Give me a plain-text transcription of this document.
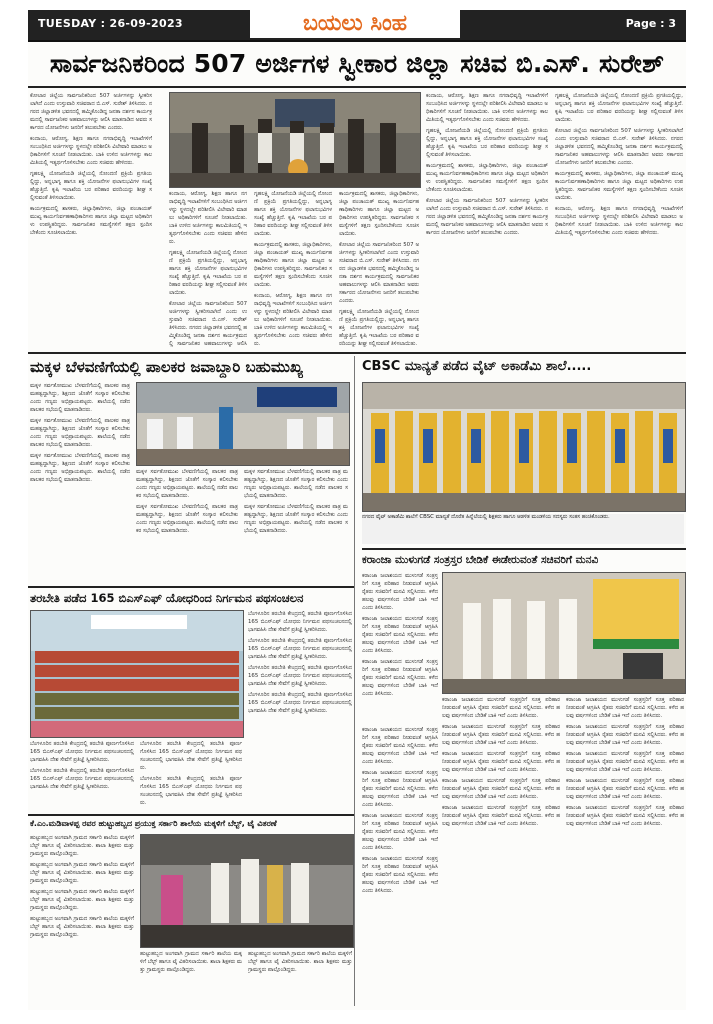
TUESDAY : 26-09-2023	ಬಯಲು ಸಿಂಹ	Page : 3
ಸಾರ್ವಜನಿಕರಿಂದ 507 ಅರ್ಜಿಗಳ ಸ್ವೀಕಾರ ಜಿಲ್ಲಾ ಸಚಿವ ಬಿ.ಎಸ್. ಸುರೇಶ್

ಕೋಲಾರ ಜಿಲ್ಲೆಯ ಸಾರ್ವಜನಿಕರಿಂದ 507 ಅರ್ಜಿಗಳನ್ನು ಸ್ವೀಕರಿಸಲಾಗಿದೆ ಎಂದು ಉಸ್ತುವಾರಿ ಸಚಿವರಾದ ಬಿ.ಎಸ್. ಸುರೇಶ್ ತಿಳಿಸಿದರು. ನಗರದ ಜಿಲ್ಲಾಡಳಿತ ಭವನದಲ್ಲಿ ಹಮ್ಮಿಕೊಂಡಿದ್ದ ಜನತಾ ದರ್ಶನ ಕಾರ್ಯಕ್ರಮದಲ್ಲಿ ಸಾರ್ವಜನಿಕರ ಅಹವಾಲುಗಳನ್ನು ಆಲಿಸಿ ಮಾತನಾಡಿದ ಅವರು ಸರ್ಕಾರದ ಯೋಜನೆಗಳು ಜನರಿಗೆ ತಲುಪಬೇಕು ಎಂದರು.

ಕಂದಾಯ, ಆರೋಗ್ಯ, ಶಿಕ್ಷಣ ಹಾಗೂ ನಗರಾಭಿವೃದ್ಧಿ ಇಲಾಖೆಗಳಿಗೆ ಸಂಬಂಧಿಸಿದ ಅರ್ಜಿಗಳನ್ನು ಸ್ಥಳದಲ್ಲೇ ಪರಿಶೀಲಿಸಿ ವಿಲೇವಾರಿ ಮಾಡಲು ಅಧಿಕಾರಿಗಳಿಗೆ ಸೂಚನೆ ನೀಡಲಾಯಿತು. ಬಾಕಿ ಉಳಿದ ಅರ್ಜಿಗಳನ್ನು ಕಾಲಮಿತಿಯಲ್ಲಿ ಇತ್ಯರ್ಥಗೊಳಿಸಬೇಕು ಎಂದು ಸಚಿವರು ಹೇಳಿದರು.

ಗೃಹಲಕ್ಷ್ಮಿ ಯೋಜನೆಯಡಿ ಜಿಲ್ಲೆಯಲ್ಲಿ ನೋಂದಣಿ ಪ್ರಕ್ರಿಯೆ ಪ್ರಗತಿಯಲ್ಲಿದ್ದು, ಅನ್ನಭಾಗ್ಯ ಹಾಗೂ ಶಕ್ತಿ ಯೋಜನೆಗಳ ಫಲಾನುಭವಿಗಳ ಸಂಖ್ಯೆ ಹೆಚ್ಚುತ್ತಿದೆ. ಕೃಷಿ ಇಲಾಖೆಯ ಬರ ಪರಿಹಾರ ವರದಿಯನ್ನು ಶೀಘ್ರ ಸಲ್ಲಿಸುವಂತೆ ತಿಳಿಸಲಾಯಿತು.

ಕಾರ್ಯಕ್ರಮದಲ್ಲಿ ಶಾಸಕರು, ಜಿಲ್ಲಾಧಿಕಾರಿಗಳು, ಜಿಲ್ಲಾ ಪಂಚಾಯತ್ ಮುಖ್ಯ ಕಾರ್ಯನಿರ್ವಹಣಾಧಿಕಾರಿಗಳು ಹಾಗೂ ಜಿಲ್ಲಾ ಮಟ್ಟದ ಅಧಿಕಾರಿಗಳು ಉಪಸ್ಥಿತರಿದ್ದರು. ಸಾರ್ವಜನಿಕರ ಸಮಸ್ಯೆಗಳಿಗೆ ತಕ್ಷಣ ಸ್ಪಂದಿಸಬೇಕೆಂದು ಸೂಚಿಸಲಾಯಿತು.

ಕಂದಾಯ, ಆರೋಗ್ಯ, ಶಿಕ್ಷಣ ಹಾಗೂ ನಗರಾಭಿವೃದ್ಧಿ ಇಲಾಖೆಗಳಿಗೆ ಸಂಬಂಧಿಸಿದ ಅರ್ಜಿಗಳನ್ನು ಸ್ಥಳದಲ್ಲೇ ಪರಿಶೀಲಿಸಿ ವಿಲೇವಾರಿ ಮಾಡಲು ಅಧಿಕಾರಿಗಳಿಗೆ ಸೂಚನೆ ನೀಡಲಾಯಿತು. ಬಾಕಿ ಉಳಿದ ಅರ್ಜಿಗಳನ್ನು ಕಾಲಮಿತಿಯಲ್ಲಿ ಇತ್ಯರ್ಥಗೊಳಿಸಬೇಕು ಎಂದು ಸಚಿವರು ಹೇಳಿದರು.

ಗೃಹಲಕ್ಷ್ಮಿ ಯೋಜನೆಯಡಿ ಜಿಲ್ಲೆಯಲ್ಲಿ ನೋಂದಣಿ ಪ್ರಕ್ರಿಯೆ ಪ್ರಗತಿಯಲ್ಲಿದ್ದು, ಅನ್ನಭಾಗ್ಯ ಹಾಗೂ ಶಕ್ತಿ ಯೋಜನೆಗಳ ಫಲಾನುಭವಿಗಳ ಸಂಖ್ಯೆ ಹೆಚ್ಚುತ್ತಿದೆ. ಕೃಷಿ ಇಲಾಖೆಯ ಬರ ಪರಿಹಾರ ವರದಿಯನ್ನು ಶೀಘ್ರ ಸಲ್ಲಿಸುವಂತೆ ತಿಳಿಸಲಾಯಿತು.

ಕೋಲಾರ ಜಿಲ್ಲೆಯ ಸಾರ್ವಜನಿಕರಿಂದ 507 ಅರ್ಜಿಗಳನ್ನು ಸ್ವೀಕರಿಸಲಾಗಿದೆ ಎಂದು ಉಸ್ತುವಾರಿ ಸಚಿವರಾದ ಬಿ.ಎಸ್. ಸುರೇಶ್ ತಿಳಿಸಿದರು. ನಗರದ ಜಿಲ್ಲಾಡಳಿತ ಭವನದಲ್ಲಿ ಹಮ್ಮಿಕೊಂಡಿದ್ದ ಜನತಾ ದರ್ಶನ ಕಾರ್ಯಕ್ರಮದಲ್ಲಿ ಸಾರ್ವಜನಿಕರ ಅಹವಾಲುಗಳನ್ನು ಆಲಿಸಿ

ಗೃಹಲಕ್ಷ್ಮಿ ಯೋಜನೆಯಡಿ ಜಿಲ್ಲೆಯಲ್ಲಿ ನೋಂದಣಿ ಪ್ರಕ್ರಿಯೆ ಪ್ರಗತಿಯಲ್ಲಿದ್ದು, ಅನ್ನಭಾಗ್ಯ ಹಾಗೂ ಶಕ್ತಿ ಯೋಜನೆಗಳ ಫಲಾನುಭವಿಗಳ ಸಂಖ್ಯೆ ಹೆಚ್ಚುತ್ತಿದೆ. ಕೃಷಿ ಇಲಾಖೆಯ ಬರ ಪರಿಹಾರ ವರದಿಯನ್ನು ಶೀಘ್ರ ಸಲ್ಲಿಸುವಂತೆ ತಿಳಿಸಲಾಯಿತು.

ಕಾರ್ಯಕ್ರಮದಲ್ಲಿ ಶಾಸಕರು, ಜಿಲ್ಲಾಧಿಕಾರಿಗಳು, ಜಿಲ್ಲಾ ಪಂಚಾಯತ್ ಮುಖ್ಯ ಕಾರ್ಯನಿರ್ವಹಣಾಧಿಕಾರಿಗಳು ಹಾಗೂ ಜಿಲ್ಲಾ ಮಟ್ಟದ ಅಧಿಕಾರಿಗಳು ಉಪಸ್ಥಿತರಿದ್ದರು. ಸಾರ್ವಜನಿಕರ ಸಮಸ್ಯೆಗಳಿಗೆ ತಕ್ಷಣ ಸ್ಪಂದಿಸಬೇಕೆಂದು ಸೂಚಿಸಲಾಯಿತು.

ಕಂದಾಯ, ಆರೋಗ್ಯ, ಶಿಕ್ಷಣ ಹಾಗೂ ನಗರಾಭಿವೃದ್ಧಿ ಇಲಾಖೆಗಳಿಗೆ ಸಂಬಂಧಿಸಿದ ಅರ್ಜಿಗಳನ್ನು ಸ್ಥಳದಲ್ಲೇ ಪರಿಶೀಲಿಸಿ ವಿಲೇವಾರಿ ಮಾಡಲು ಅಧಿಕಾರಿಗಳಿಗೆ ಸೂಚನೆ ನೀಡಲಾಯಿತು. ಬಾಕಿ ಉಳಿದ ಅರ್ಜಿಗಳನ್ನು ಕಾಲಮಿತಿಯಲ್ಲಿ ಇತ್ಯರ್ಥಗೊಳಿಸಬೇಕು ಎಂದು ಸಚಿವರು ಹೇಳಿದರು.

ಕಾರ್ಯಕ್ರಮದಲ್ಲಿ ಶಾಸಕರು, ಜಿಲ್ಲಾಧಿಕಾರಿಗಳು, ಜಿಲ್ಲಾ ಪಂಚಾಯತ್ ಮುಖ್ಯ ಕಾರ್ಯನಿರ್ವಹಣಾಧಿಕಾರಿಗಳು ಹಾಗೂ ಜಿಲ್ಲಾ ಮಟ್ಟದ ಅಧಿಕಾರಿಗಳು ಉಪಸ್ಥಿತರಿದ್ದರು. ಸಾರ್ವಜನಿಕರ ಸಮಸ್ಯೆಗಳಿಗೆ ತಕ್ಷಣ ಸ್ಪಂದಿಸಬೇಕೆಂದು ಸೂಚಿಸಲಾಯಿತು.

ಕೋಲಾರ ಜಿಲ್ಲೆಯ ಸಾರ್ವಜನಿಕರಿಂದ 507 ಅರ್ಜಿಗಳನ್ನು ಸ್ವೀಕರಿಸಲಾಗಿದೆ ಎಂದು ಉಸ್ತುವಾರಿ ಸಚಿವರಾದ ಬಿ.ಎಸ್. ಸುರೇಶ್ ತಿಳಿಸಿದರು. ನಗರದ ಜಿಲ್ಲಾಡಳಿತ ಭವನದಲ್ಲಿ ಹಮ್ಮಿಕೊಂಡಿದ್ದ ಜನತಾ ದರ್ಶನ ಕಾರ್ಯಕ್ರಮದಲ್ಲಿ ಸಾರ್ವಜನಿಕರ ಅಹವಾಲುಗಳನ್ನು ಆಲಿಸಿ ಮಾತನಾಡಿದ ಅವರು ಸರ್ಕಾರದ ಯೋಜನೆಗಳು ಜನರಿಗೆ ತಲುಪಬೇಕು ಎಂದರು.

ಗೃಹಲಕ್ಷ್ಮಿ ಯೋಜನೆಯಡಿ ಜಿಲ್ಲೆಯಲ್ಲಿ ನೋಂದಣಿ ಪ್ರಕ್ರಿಯೆ ಪ್ರಗತಿಯಲ್ಲಿದ್ದು, ಅನ್ನಭಾಗ್ಯ ಹಾಗೂ ಶಕ್ತಿ ಯೋಜನೆಗಳ ಫಲಾನುಭವಿಗಳ ಸಂಖ್ಯೆ ಹೆಚ್ಚುತ್ತಿದೆ. ಕೃಷಿ ಇಲಾಖೆಯ ಬರ ಪರಿಹಾರ ವರದಿಯನ್ನು ಶೀಘ್ರ ಸಲ್ಲಿಸುವಂತೆ ತಿಳಿಸಲಾಯಿತು.

ಕಂದಾಯ, ಆರೋಗ್ಯ, ಶಿಕ್ಷಣ ಹಾಗೂ ನಗರಾಭಿವೃದ್ಧಿ ಇಲಾಖೆಗಳಿಗೆ ಸಂಬಂಧಿಸಿದ ಅರ್ಜಿಗಳನ್ನು ಸ್ಥಳದಲ್ಲೇ ಪರಿಶೀಲಿಸಿ ವಿಲೇವಾರಿ ಮಾಡಲು ಅಧಿಕಾರಿಗಳಿಗೆ ಸೂಚನೆ ನೀಡಲಾಯಿತು. ಬಾಕಿ ಉಳಿದ ಅರ್ಜಿಗಳನ್ನು ಕಾಲಮಿತಿಯಲ್ಲಿ ಇತ್ಯರ್ಥಗೊಳಿಸಬೇಕು ಎಂದು ಸಚಿವರು ಹೇಳಿದರು.

ಗೃಹಲಕ್ಷ್ಮಿ ಯೋಜನೆಯಡಿ ಜಿಲ್ಲೆಯಲ್ಲಿ ನೋಂದಣಿ ಪ್ರಕ್ರಿಯೆ ಪ್ರಗತಿಯಲ್ಲಿದ್ದು, ಅನ್ನಭಾಗ್ಯ ಹಾಗೂ ಶಕ್ತಿ ಯೋಜನೆಗಳ ಫಲಾನುಭವಿಗಳ ಸಂಖ್ಯೆ ಹೆಚ್ಚುತ್ತಿದೆ. ಕೃಷಿ ಇಲಾಖೆಯ ಬರ ಪರಿಹಾರ ವರದಿಯನ್ನು ಶೀಘ್ರ ಸಲ್ಲಿಸುವಂತೆ ತಿಳಿಸಲಾಯಿತು.

ಕಾರ್ಯಕ್ರಮದಲ್ಲಿ ಶಾಸಕರು, ಜಿಲ್ಲಾಧಿಕಾರಿಗಳು, ಜಿಲ್ಲಾ ಪಂಚಾಯತ್ ಮುಖ್ಯ ಕಾರ್ಯನಿರ್ವಹಣಾಧಿಕಾರಿಗಳು ಹಾಗೂ ಜಿಲ್ಲಾ ಮಟ್ಟದ ಅಧಿಕಾರಿಗಳು ಉಪಸ್ಥಿತರಿದ್ದರು. ಸಾರ್ವಜನಿಕರ ಸಮಸ್ಯೆಗಳಿಗೆ ತಕ್ಷಣ ಸ್ಪಂದಿಸಬೇಕೆಂದು ಸೂಚಿಸಲಾಯಿತು.

ಕೋಲಾರ ಜಿಲ್ಲೆಯ ಸಾರ್ವಜನಿಕರಿಂದ 507 ಅರ್ಜಿಗಳನ್ನು ಸ್ವೀಕರಿಸಲಾಗಿದೆ ಎಂದು ಉಸ್ತುವಾರಿ ಸಚಿವರಾದ ಬಿ.ಎಸ್. ಸುರೇಶ್ ತಿಳಿಸಿದರು. ನಗರದ ಜಿಲ್ಲಾಡಳಿತ ಭವನದಲ್ಲಿ ಹಮ್ಮಿಕೊಂಡಿದ್ದ ಜನತಾ ದರ್ಶನ ಕಾರ್ಯಕ್ರಮದಲ್ಲಿ ಸಾರ್ವಜನಿಕರ ಅಹವಾಲುಗಳನ್ನು ಆಲಿಸಿ ಮಾತನಾಡಿದ ಅವರು ಸರ್ಕಾರದ ಯೋಜನೆಗಳು ಜನರಿಗೆ ತಲುಪಬೇಕು ಎಂದರು.

ಗೃಹಲಕ್ಷ್ಮಿ ಯೋಜನೆಯಡಿ ಜಿಲ್ಲೆಯಲ್ಲಿ ನೋಂದಣಿ ಪ್ರಕ್ರಿಯೆ ಪ್ರಗತಿಯಲ್ಲಿದ್ದು, ಅನ್ನಭಾಗ್ಯ ಹಾಗೂ ಶಕ್ತಿ ಯೋಜನೆಗಳ ಫಲಾನುಭವಿಗಳ ಸಂಖ್ಯೆ ಹೆಚ್ಚುತ್ತಿದೆ. ಕೃಷಿ ಇಲಾಖೆಯ ಬರ ಪರಿಹಾರ ವರದಿಯನ್ನು ಶೀಘ್ರ ಸಲ್ಲಿಸುವಂತೆ ತಿಳಿಸಲಾಯಿತು.

ಕೋಲಾರ ಜಿಲ್ಲೆಯ ಸಾರ್ವಜನಿಕರಿಂದ 507 ಅರ್ಜಿಗಳನ್ನು ಸ್ವೀಕರಿಸಲಾಗಿದೆ ಎಂದು ಉಸ್ತುವಾರಿ ಸಚಿವರಾದ ಬಿ.ಎಸ್. ಸುರೇಶ್ ತಿಳಿಸಿದರು. ನಗರದ ಜಿಲ್ಲಾಡಳಿತ ಭವನದಲ್ಲಿ ಹಮ್ಮಿಕೊಂಡಿದ್ದ ಜನತಾ ದರ್ಶನ ಕಾರ್ಯಕ್ರಮದಲ್ಲಿ ಸಾರ್ವಜನಿಕರ ಅಹವಾಲುಗಳನ್ನು ಆಲಿಸಿ ಮಾತನಾಡಿದ ಅವರು ಸರ್ಕಾರದ ಯೋಜನೆಗಳು ಜನರಿಗೆ ತಲುಪಬೇಕು ಎಂದರು.

ಕಾರ್ಯಕ್ರಮದಲ್ಲಿ ಶಾಸಕರು, ಜಿಲ್ಲಾಧಿಕಾರಿಗಳು, ಜಿಲ್ಲಾ ಪಂಚಾಯತ್ ಮುಖ್ಯ ಕಾರ್ಯನಿರ್ವಹಣಾಧಿಕಾರಿಗಳು ಹಾಗೂ ಜಿಲ್ಲಾ ಮಟ್ಟದ ಅಧಿಕಾರಿಗಳು ಉಪಸ್ಥಿತರಿದ್ದರು. ಸಾರ್ವಜನಿಕರ ಸಮಸ್ಯೆಗಳಿಗೆ ತಕ್ಷಣ ಸ್ಪಂದಿಸಬೇಕೆಂದು ಸೂಚಿಸಲಾಯಿತು.

ಕಂದಾಯ, ಆರೋಗ್ಯ, ಶಿಕ್ಷಣ ಹಾಗೂ ನಗರಾಭಿವೃದ್ಧಿ ಇಲಾಖೆಗಳಿಗೆ ಸಂಬಂಧಿಸಿದ ಅರ್ಜಿಗಳನ್ನು ಸ್ಥಳದಲ್ಲೇ ಪರಿಶೀಲಿಸಿ ವಿಲೇವಾರಿ ಮಾಡಲು ಅಧಿಕಾರಿಗಳಿಗೆ ಸೂಚನೆ ನೀಡಲಾಯಿತು. ಬಾಕಿ ಉಳಿದ ಅರ್ಜಿಗಳನ್ನು ಕಾಲಮಿತಿಯಲ್ಲಿ ಇತ್ಯರ್ಥಗೊಳಿಸಬೇಕು ಎಂದು ಸಚಿವರು ಹೇಳಿದರು.

ಮಕ್ಕಳ ಬೆಳವಣಿಗೆಯಲ್ಲಿ ಪಾಲಕರ ಜವಾಬ್ದಾರಿ ಬಹುಮುಖ್ಯ

ಮಕ್ಕಳ ಸರ್ವತೋಮುಖ ಬೆಳವಣಿಗೆಯಲ್ಲಿ ಪಾಲಕರ ಪಾತ್ರ ಮಹತ್ವದ್ದಾಗಿದ್ದು, ಶಿಕ್ಷಣದ ಜೊತೆಗೆ ಸಂಸ್ಕಾರ ಕಲಿಸಬೇಕು ಎಂದು ಗಣ್ಯರು ಅಭಿಪ್ರಾಯಪಟ್ಟರು. ಶಾಲೆಯಲ್ಲಿ ನಡೆದ ಪಾಲಕರ ಸಭೆಯಲ್ಲಿ ಮಾತನಾಡಿದರು.

ಮಕ್ಕಳ ಸರ್ವತೋಮುಖ ಬೆಳವಣಿಗೆಯಲ್ಲಿ ಪಾಲಕರ ಪಾತ್ರ ಮಹತ್ವದ್ದಾಗಿದ್ದು, ಶಿಕ್ಷಣದ ಜೊತೆಗೆ ಸಂಸ್ಕಾರ ಕಲಿಸಬೇಕು ಎಂದು ಗಣ್ಯರು ಅಭಿಪ್ರಾಯಪಟ್ಟರು. ಶಾಲೆಯಲ್ಲಿ ನಡೆದ ಪಾಲಕರ ಸಭೆಯಲ್ಲಿ ಮಾತನಾಡಿದರು.

ಮಕ್ಕಳ ಸರ್ವತೋಮುಖ ಬೆಳವಣಿಗೆಯಲ್ಲಿ ಪಾಲಕರ ಪಾತ್ರ ಮಹತ್ವದ್ದಾಗಿದ್ದು, ಶಿಕ್ಷಣದ ಜೊತೆಗೆ ಸಂಸ್ಕಾರ ಕಲಿಸಬೇಕು ಎಂದು ಗಣ್ಯರು ಅಭಿಪ್ರಾಯಪಟ್ಟರು. ಶಾಲೆಯಲ್ಲಿ ನಡೆದ ಪಾಲಕರ ಸಭೆಯಲ್ಲಿ ಮಾತನಾಡಿದರು.

ಮಕ್ಕಳ ಸರ್ವತೋಮುಖ ಬೆಳವಣಿಗೆಯಲ್ಲಿ ಪಾಲಕರ ಪಾತ್ರ ಮಹತ್ವದ್ದಾಗಿದ್ದು, ಶಿಕ್ಷಣದ ಜೊತೆಗೆ ಸಂಸ್ಕಾರ ಕಲಿಸಬೇಕು ಎಂದು ಗಣ್ಯರು ಅಭಿಪ್ರಾಯಪಟ್ಟರು. ಶಾಲೆಯಲ್ಲಿ ನಡೆದ ಪಾಲಕರ ಸಭೆಯಲ್ಲಿ ಮಾತನಾಡಿದರು.

ಮಕ್ಕಳ ಸರ್ವತೋಮುಖ ಬೆಳವಣಿಗೆಯಲ್ಲಿ ಪಾಲಕರ ಪಾತ್ರ ಮಹತ್ವದ್ದಾಗಿದ್ದು, ಶಿಕ್ಷಣದ ಜೊತೆಗೆ ಸಂಸ್ಕಾರ ಕಲಿಸಬೇಕು ಎಂದು ಗಣ್ಯರು ಅಭಿಪ್ರಾಯಪಟ್ಟರು. ಶಾಲೆಯಲ್ಲಿ ನಡೆದ ಪಾಲಕರ ಸಭೆಯಲ್ಲಿ ಮಾತನಾಡಿದರು.

ಮಕ್ಕಳ ಸರ್ವತೋಮುಖ ಬೆಳವಣಿಗೆಯಲ್ಲಿ ಪಾಲಕರ ಪಾತ್ರ ಮಹತ್ವದ್ದಾಗಿದ್ದು, ಶಿಕ್ಷಣದ ಜೊತೆಗೆ ಸಂಸ್ಕಾರ ಕಲಿಸಬೇಕು ಎಂದು ಗಣ್ಯರು ಅಭಿಪ್ರಾಯಪಟ್ಟರು. ಶಾಲೆಯಲ್ಲಿ ನಡೆದ ಪಾಲಕರ ಸಭೆಯಲ್ಲಿ ಮಾತನಾಡಿದರು.

ಮಕ್ಕಳ ಸರ್ವತೋಮುಖ ಬೆಳವಣಿಗೆಯಲ್ಲಿ ಪಾಲಕರ ಪಾತ್ರ ಮಹತ್ವದ್ದಾಗಿದ್ದು, ಶಿಕ್ಷಣದ ಜೊತೆಗೆ ಸಂಸ್ಕಾರ ಕಲಿಸಬೇಕು ಎಂದು ಗಣ್ಯರು ಅಭಿಪ್ರಾಯಪಟ್ಟರು. ಶಾಲೆಯಲ್ಲಿ ನಡೆದ ಪಾಲಕರ ಸಭೆಯಲ್ಲಿ ಮಾತನಾಡಿದರು.

CBSC ಮಾನ್ಯತೆ ಪಡೆದ ವೈಟ್ ಅಕಾಡೆಮಿ ಶಾಲೆ.....
ನಗರದ ವೈಟ್ ಅಕಾಡೆಮಿ ಶಾಲೆಗೆ CBSC ಮಾನ್ಯತೆ ದೊರೆತ ಹಿನ್ನೆಲೆಯಲ್ಲಿ ಶಿಕ್ಷಕರು ಹಾಗೂ ಆಡಳಿತ ಮಂಡಳಿಯ ಸದಸ್ಯರು ಸಂತಸ ಹಂಚಿಕೊಂಡರು.
ಕರಾಂಜಾ ಮುಳುಗಡೆ ಸಂತ್ರಸ್ತರ ಬೇಡಿಕೆ ಈಡೇರುವಂತೆ ಸಚಿವರಿಗೆ ಮನವಿ

ಕರಾಂಜಾ ಜಲಾಶಯದ ಮುಳುಗಡೆ ಸಂತ್ರಸ್ತರಿಗೆ ಸೂಕ್ತ ಪರಿಹಾರ ನೀಡುವಂತೆ ಆಗ್ರಹಿಸಿ ರೈತರು ಸಚಿವರಿಗೆ ಮನವಿ ಸಲ್ಲಿಸಿದರು. ಕಳೆದ ಹಲವು ವರ್ಷಗಳಿಂದ ಬೇಡಿಕೆ ಬಾಕಿ ಇದೆ ಎಂದು ತಿಳಿಸಿದರು.

ಕರಾಂಜಾ ಜಲಾಶಯದ ಮುಳುಗಡೆ ಸಂತ್ರಸ್ತರಿಗೆ ಸೂಕ್ತ ಪರಿಹಾರ ನೀಡುವಂತೆ ಆಗ್ರಹಿಸಿ ರೈತರು ಸಚಿವರಿಗೆ ಮನವಿ ಸಲ್ಲಿಸಿದರು. ಕಳೆದ ಹಲವು ವರ್ಷಗಳಿಂದ ಬೇಡಿಕೆ ಬಾಕಿ ಇದೆ ಎಂದು ತಿಳಿಸಿದರು.

ಕರಾಂಜಾ ಜಲಾಶಯದ ಮುಳುಗಡೆ ಸಂತ್ರಸ್ತರಿಗೆ ಸೂಕ್ತ ಪರಿಹಾರ ನೀಡುವಂತೆ ಆಗ್ರಹಿಸಿ ರೈತರು ಸಚಿವರಿಗೆ ಮನವಿ ಸಲ್ಲಿಸಿದರು. ಕಳೆದ ಹಲವು ವರ್ಷಗಳಿಂದ ಬೇಡಿಕೆ ಬಾಕಿ ಇದೆ ಎಂದು ತಿಳಿಸಿದರು.

ಕರಾಂಜಾ ಜಲಾಶಯದ ಮುಳುಗಡೆ ಸಂತ್ರಸ್ತರಿಗೆ ಸೂಕ್ತ ಪರಿಹಾರ ನೀಡುವಂತೆ ಆಗ್ರಹಿಸಿ ರೈತರು ಸಚಿವರಿಗೆ ಮನವಿ ಸಲ್ಲಿಸಿದರು. ಕಳೆದ ಹಲವು ವರ್ಷಗಳಿಂದ ಬೇಡಿಕೆ ಬಾಕಿ ಇದೆ ಎಂದು ತಿಳಿಸಿದರು.

ಕರಾಂಜಾ ಜಲಾಶಯದ ಮುಳುಗಡೆ ಸಂತ್ರಸ್ತರಿಗೆ ಸೂಕ್ತ ಪರಿಹಾರ ನೀಡುವಂತೆ ಆಗ್ರಹಿಸಿ ರೈತರು ಸಚಿವರಿಗೆ ಮನವಿ ಸಲ್ಲಿಸಿದರು. ಕಳೆದ ಹಲವು ವರ್ಷಗಳಿಂದ ಬೇಡಿಕೆ ಬಾಕಿ ಇದೆ ಎಂದು ತಿಳಿಸಿದರು.

ಕರಾಂಜಾ ಜಲಾಶಯದ ಮುಳುಗಡೆ ಸಂತ್ರಸ್ತರಿಗೆ ಸೂಕ್ತ ಪರಿಹಾರ ನೀಡುವಂತೆ ಆಗ್ರಹಿಸಿ ರೈತರು ಸಚಿವರಿಗೆ ಮನವಿ ಸಲ್ಲಿಸಿದರು. ಕಳೆದ ಹಲವು ವರ್ಷಗಳಿಂದ ಬೇಡಿಕೆ ಬಾಕಿ ಇದೆ ಎಂದು ತಿಳಿಸಿದರು.

ಕರಾಂಜಾ ಜಲಾಶಯದ ಮುಳುಗಡೆ ಸಂತ್ರಸ್ತರಿಗೆ ಸೂಕ್ತ ಪರಿಹಾರ ನೀಡುವಂತೆ ಆಗ್ರಹಿಸಿ ರೈತರು ಸಚಿವರಿಗೆ ಮನವಿ ಸಲ್ಲಿಸಿದರು. ಕಳೆದ ಹಲವು ವರ್ಷಗಳಿಂದ ಬೇಡಿಕೆ ಬಾಕಿ ಇದೆ ಎಂದು ತಿಳಿಸಿದರು.

ಕರಾಂಜಾ ಜಲಾಶಯದ ಮುಳುಗಡೆ ಸಂತ್ರಸ್ತರಿಗೆ ಸೂಕ್ತ ಪರಿಹಾರ ನೀಡುವಂತೆ ಆಗ್ರಹಿಸಿ ರೈತರು ಸಚಿವರಿಗೆ ಮನವಿ ಸಲ್ಲಿಸಿದರು. ಕಳೆದ ಹಲವು ವರ್ಷಗಳಿಂದ ಬೇಡಿಕೆ ಬಾಕಿ ಇದೆ ಎಂದು ತಿಳಿಸಿದರು.

ಕರಾಂಜಾ ಜಲಾಶಯದ ಮುಳುಗಡೆ ಸಂತ್ರಸ್ತರಿಗೆ ಸೂಕ್ತ ಪರಿಹಾರ ನೀಡುವಂತೆ ಆಗ್ರಹಿಸಿ ರೈತರು ಸಚಿವರಿಗೆ ಮನವಿ ಸಲ್ಲಿಸಿದರು. ಕಳೆದ ಹಲವು ವರ್ಷಗಳಿಂದ ಬೇಡಿಕೆ ಬಾಕಿ ಇದೆ ಎಂದು ತಿಳಿಸಿದರು.

ಕರಾಂಜಾ ಜಲಾಶಯದ ಮುಳುಗಡೆ ಸಂತ್ರಸ್ತರಿಗೆ ಸೂಕ್ತ ಪರಿಹಾರ ನೀಡುವಂತೆ ಆಗ್ರಹಿಸಿ ರೈತರು ಸಚಿವರಿಗೆ ಮನವಿ ಸಲ್ಲಿಸಿದರು. ಕಳೆದ ಹಲವು ವರ್ಷಗಳಿಂದ ಬೇಡಿಕೆ ಬಾಕಿ ಇದೆ ಎಂದು ತಿಳಿಸಿದರು.

ಕರಾಂಜಾ ಜಲಾಶಯದ ಮುಳುಗಡೆ ಸಂತ್ರಸ್ತರಿಗೆ ಸೂಕ್ತ ಪರಿಹಾರ ನೀಡುವಂತೆ ಆಗ್ರಹಿಸಿ ರೈತರು ಸಚಿವರಿಗೆ ಮನವಿ ಸಲ್ಲಿಸಿದರು. ಕಳೆದ ಹಲವು ವರ್ಷಗಳಿಂದ ಬೇಡಿಕೆ ಬಾಕಿ ಇದೆ ಎಂದು ತಿಳಿಸಿದರು.

ಕರಾಂಜಾ ಜಲಾಶಯದ ಮುಳುಗಡೆ ಸಂತ್ರಸ್ತರಿಗೆ ಸೂಕ್ತ ಪರಿಹಾರ ನೀಡುವಂತೆ ಆಗ್ರಹಿಸಿ ರೈತರು ಸಚಿವರಿಗೆ ಮನವಿ ಸಲ್ಲಿಸಿದರು. ಕಳೆದ ಹಲವು ವರ್ಷಗಳಿಂದ ಬೇಡಿಕೆ ಬಾಕಿ ಇದೆ ಎಂದು ತಿಳಿಸಿದರು.

ಕರಾಂಜಾ ಜಲಾಶಯದ ಮುಳುಗಡೆ ಸಂತ್ರಸ್ತರಿಗೆ ಸೂಕ್ತ ಪರಿಹಾರ ನೀಡುವಂತೆ ಆಗ್ರಹಿಸಿ ರೈತರು ಸಚಿವರಿಗೆ ಮನವಿ ಸಲ್ಲಿಸಿದರು. ಕಳೆದ ಹಲವು ವರ್ಷಗಳಿಂದ ಬೇಡಿಕೆ ಬಾಕಿ ಇದೆ ಎಂದು ತಿಳಿಸಿದರು.

ಕರಾಂಜಾ ಜಲಾಶಯದ ಮುಳುಗಡೆ ಸಂತ್ರಸ್ತರಿಗೆ ಸೂಕ್ತ ಪರಿಹಾರ ನೀಡುವಂತೆ ಆಗ್ರಹಿಸಿ ರೈತರು ಸಚಿವರಿಗೆ ಮನವಿ ಸಲ್ಲಿಸಿದರು. ಕಳೆದ ಹಲವು ವರ್ಷಗಳಿಂದ ಬೇಡಿಕೆ ಬಾಕಿ ಇದೆ ಎಂದು ತಿಳಿಸಿದರು.

ಕರಾಂಜಾ ಜಲಾಶಯದ ಮುಳುಗಡೆ ಸಂತ್ರಸ್ತರಿಗೆ ಸೂಕ್ತ ಪರಿಹಾರ ನೀಡುವಂತೆ ಆಗ್ರಹಿಸಿ ರೈತರು ಸಚಿವರಿಗೆ ಮನವಿ ಸಲ್ಲಿಸಿದರು. ಕಳೆದ ಹಲವು ವರ್ಷಗಳಿಂದ ಬೇಡಿಕೆ ಬಾಕಿ ಇದೆ ಎಂದು ತಿಳಿಸಿದರು.

ಕರಾಂಜಾ ಜಲಾಶಯದ ಮುಳುಗಡೆ ಸಂತ್ರಸ್ತರಿಗೆ ಸೂಕ್ತ ಪರಿಹಾರ ನೀಡುವಂತೆ ಆಗ್ರಹಿಸಿ ರೈತರು ಸಚಿವರಿಗೆ ಮನವಿ ಸಲ್ಲಿಸಿದರು. ಕಳೆದ ಹಲವು ವರ್ಷಗಳಿಂದ ಬೇಡಿಕೆ ಬಾಕಿ ಇದೆ ಎಂದು ತಿಳಿಸಿದರು.

ಕರಾಂಜಾ ಜಲಾಶಯದ ಮುಳುಗಡೆ ಸಂತ್ರಸ್ತರಿಗೆ ಸೂಕ್ತ ಪರಿಹಾರ ನೀಡುವಂತೆ ಆಗ್ರಹಿಸಿ ರೈತರು ಸಚಿವರಿಗೆ ಮನವಿ ಸಲ್ಲಿಸಿದರು. ಕಳೆದ ಹಲವು ವರ್ಷಗಳಿಂದ ಬೇಡಿಕೆ ಬಾಕಿ ಇದೆ ಎಂದು ತಿಳಿಸಿದರು.

ತರಬೇತಿ ಪಡೆದ 165 ಬಿಎಸ್ಎಫ್ ಯೋಧರಿಂದ ನಿರ್ಗಮನ ಪಥಸಂಚಲನ

ಬೆಂಗಳೂರಿನ ತರಬೇತಿ ಕೇಂದ್ರದಲ್ಲಿ ತರಬೇತಿ ಪೂರ್ಣಗೊಳಿಸಿದ 165 ಬಿಎಸ್ಎಫ್ ಯೋಧರು ನಿರ್ಗಮನ ಪಥಸಂಚಲನದಲ್ಲಿ ಭಾಗವಹಿಸಿ ದೇಶ ಸೇವೆಗೆ ಪ್ರತಿಜ್ಞೆ ಸ್ವೀಕರಿಸಿದರು.

ಬೆಂಗಳೂರಿನ ತರಬೇತಿ ಕೇಂದ್ರದಲ್ಲಿ ತರಬೇತಿ ಪೂರ್ಣಗೊಳಿಸಿದ 165 ಬಿಎಸ್ಎಫ್ ಯೋಧರು ನಿರ್ಗಮನ ಪಥಸಂಚಲನದಲ್ಲಿ ಭಾಗವಹಿಸಿ ದೇಶ ಸೇವೆಗೆ ಪ್ರತಿಜ್ಞೆ ಸ್ವೀಕರಿಸಿದರು.

ಬೆಂಗಳೂರಿನ ತರಬೇತಿ ಕೇಂದ್ರದಲ್ಲಿ ತರಬೇತಿ ಪೂರ್ಣಗೊಳಿಸಿದ 165 ಬಿಎಸ್ಎಫ್ ಯೋಧರು ನಿರ್ಗಮನ ಪಥಸಂಚಲನದಲ್ಲಿ ಭಾಗವಹಿಸಿ ದೇಶ ಸೇವೆಗೆ ಪ್ರತಿಜ್ಞೆ ಸ್ವೀಕರಿಸಿದರು.

ಬೆಂಗಳೂರಿನ ತರಬೇತಿ ಕೇಂದ್ರದಲ್ಲಿ ತರಬೇತಿ ಪೂರ್ಣಗೊಳಿಸಿದ 165 ಬಿಎಸ್ಎಫ್ ಯೋಧರು ನಿರ್ಗಮನ ಪಥಸಂಚಲನದಲ್ಲಿ ಭಾಗವಹಿಸಿ ದೇಶ ಸೇವೆಗೆ ಪ್ರತಿಜ್ಞೆ ಸ್ವೀಕರಿಸಿದರು.

ಬೆಂಗಳೂರಿನ ತರಬೇತಿ ಕೇಂದ್ರದಲ್ಲಿ ತರಬೇತಿ ಪೂರ್ಣಗೊಳಿಸಿದ 165 ಬಿಎಸ್ಎಫ್ ಯೋಧರು ನಿರ್ಗಮನ ಪಥಸಂಚಲನದಲ್ಲಿ ಭಾಗವಹಿಸಿ ದೇಶ ಸೇವೆಗೆ ಪ್ರತಿಜ್ಞೆ ಸ್ವೀಕರಿಸಿದರು.

ಬೆಂಗಳೂರಿನ ತರಬೇತಿ ಕೇಂದ್ರದಲ್ಲಿ ತರಬೇತಿ ಪೂರ್ಣಗೊಳಿಸಿದ 165 ಬಿಎಸ್ಎಫ್ ಯೋಧರು ನಿರ್ಗಮನ ಪಥಸಂಚಲನದಲ್ಲಿ ಭಾಗವಹಿಸಿ ದೇಶ ಸೇವೆಗೆ ಪ್ರತಿಜ್ಞೆ ಸ್ವೀಕರಿಸಿದರು.

ಬೆಂಗಳೂರಿನ ತರಬೇತಿ ಕೇಂದ್ರದಲ್ಲಿ ತರಬೇತಿ ಪೂರ್ಣಗೊಳಿಸಿದ 165 ಬಿಎಸ್ಎಫ್ ಯೋಧರು ನಿರ್ಗಮನ ಪಥಸಂಚಲನದಲ್ಲಿ ಭಾಗವಹಿಸಿ ದೇಶ ಸೇವೆಗೆ ಪ್ರತಿಜ್ಞೆ ಸ್ವೀಕರಿಸಿದರು.

ಬೆಂಗಳೂರಿನ ತರಬೇತಿ ಕೇಂದ್ರದಲ್ಲಿ ತರಬೇತಿ ಪೂರ್ಣಗೊಳಿಸಿದ 165 ಬಿಎಸ್ಎಫ್ ಯೋಧರು ನಿರ್ಗಮನ ಪಥಸಂಚಲನದಲ್ಲಿ ಭಾಗವಹಿಸಿ ದೇಶ ಸೇವೆಗೆ ಪ್ರತಿಜ್ಞೆ ಸ್ವೀಕರಿಸಿದರು.

ಕೆ.ಎಂ.ಮಡಿವಾಳಪ್ಪ ರವರ ಹುಟ್ಟುಹಬ್ಬದ ಪ್ರಯುಕ್ತ ಸರ್ಕಾರಿ ಶಾಲೆಯ ಮಕ್ಕಳಿಗೆ ಬೆಲ್ಟ್, ಟೈ ವಿತರಣೆ

ಹುಟ್ಟುಹಬ್ಬದ ಅಂಗವಾಗಿ ಗ್ರಾಮದ ಸರ್ಕಾರಿ ಶಾಲೆಯ ಮಕ್ಕಳಿಗೆ ಬೆಲ್ಟ್ ಹಾಗೂ ಟೈ ವಿತರಿಸಲಾಯಿತು. ಶಾಲಾ ಶಿಕ್ಷಕರು ಮತ್ತು ಗ್ರಾಮಸ್ಥರು ಪಾಲ್ಗೊಂಡಿದ್ದರು.

ಹುಟ್ಟುಹಬ್ಬದ ಅಂಗವಾಗಿ ಗ್ರಾಮದ ಸರ್ಕಾರಿ ಶಾಲೆಯ ಮಕ್ಕಳಿಗೆ ಬೆಲ್ಟ್ ಹಾಗೂ ಟೈ ವಿತರಿಸಲಾಯಿತು. ಶಾಲಾ ಶಿಕ್ಷಕರು ಮತ್ತು ಗ್ರಾಮಸ್ಥರು ಪಾಲ್ಗೊಂಡಿದ್ದರು.

ಹುಟ್ಟುಹಬ್ಬದ ಅಂಗವಾಗಿ ಗ್ರಾಮದ ಸರ್ಕಾರಿ ಶಾಲೆಯ ಮಕ್ಕಳಿಗೆ ಬೆಲ್ಟ್ ಹಾಗೂ ಟೈ ವಿತರಿಸಲಾಯಿತು. ಶಾಲಾ ಶಿಕ್ಷಕರು ಮತ್ತು ಗ್ರಾಮಸ್ಥರು ಪಾಲ್ಗೊಂಡಿದ್ದರು.

ಹುಟ್ಟುಹಬ್ಬದ ಅಂಗವಾಗಿ ಗ್ರಾಮದ ಸರ್ಕಾರಿ ಶಾಲೆಯ ಮಕ್ಕಳಿಗೆ ಬೆಲ್ಟ್ ಹಾಗೂ ಟೈ ವಿತರಿಸಲಾಯಿತು. ಶಾಲಾ ಶಿಕ್ಷಕರು ಮತ್ತು ಗ್ರಾಮಸ್ಥರು ಪಾಲ್ಗೊಂಡಿದ್ದರು.

ಹುಟ್ಟುಹಬ್ಬದ ಅಂಗವಾಗಿ ಗ್ರಾಮದ ಸರ್ಕಾರಿ ಶಾಲೆಯ ಮಕ್ಕಳಿಗೆ ಬೆಲ್ಟ್ ಹಾಗೂ ಟೈ ವಿತರಿಸಲಾಯಿತು. ಶಾಲಾ ಶಿಕ್ಷಕರು ಮತ್ತು ಗ್ರಾಮಸ್ಥರು ಪಾಲ್ಗೊಂಡಿದ್ದರು.

ಹುಟ್ಟುಹಬ್ಬದ ಅಂಗವಾಗಿ ಗ್ರಾಮದ ಸರ್ಕಾರಿ ಶಾಲೆಯ ಮಕ್ಕಳಿಗೆ ಬೆಲ್ಟ್ ಹಾಗೂ ಟೈ ವಿತರಿಸಲಾಯಿತು. ಶಾಲಾ ಶಿಕ್ಷಕರು ಮತ್ತು ಗ್ರಾಮಸ್ಥರು ಪಾಲ್ಗೊಂಡಿದ್ದರು.
